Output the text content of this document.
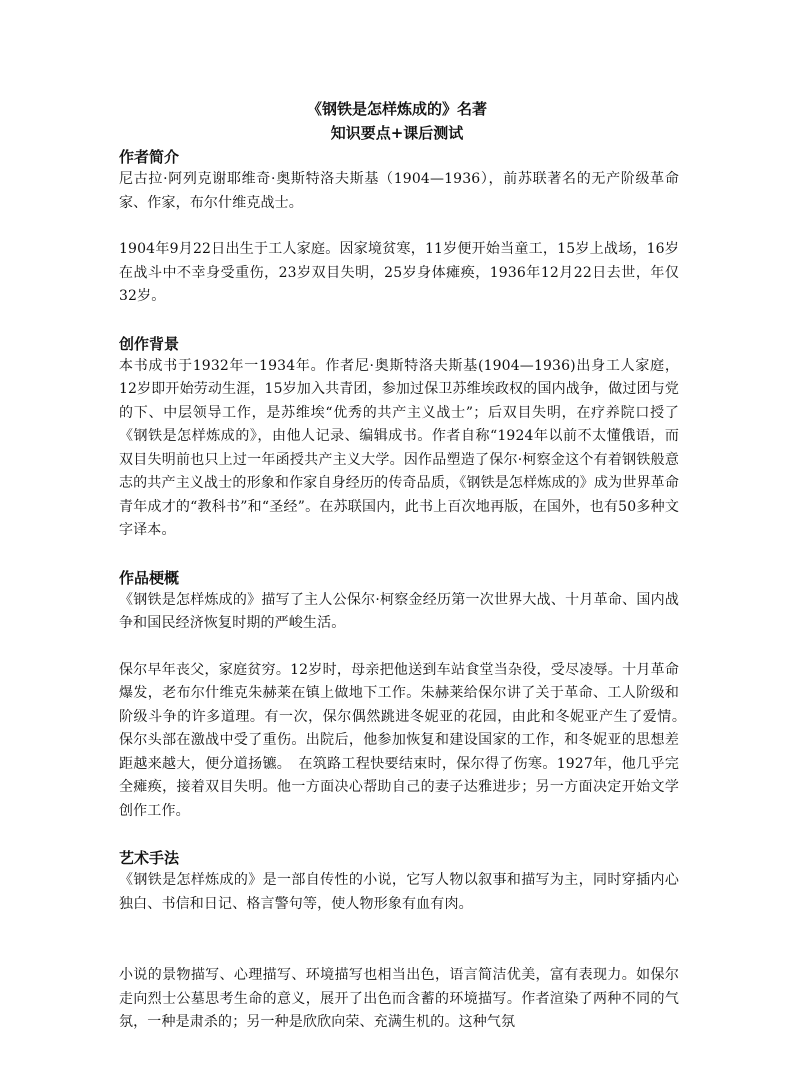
《钢铁是怎样炼成的》名著
知识要点+课后测试
作者简介

尼古拉·阿列克谢耶维奇·奥斯特洛夫斯基（1904—1936），前苏联著名的无产阶级革命家、作家，布尔什维克战士。

1904年9月22日出生于工人家庭。因家境贫寒，11岁便开始当童工，15岁上战场，16岁在战斗中不幸身受重伤，23岁双目失明，25岁身体瘫痪，1936年12月22日去世，年仅32岁。

创作背景

本书成书于1932年一1934年。作者尼·奥斯特洛夫斯基(1904—1936)出身工人家庭，12岁即开始劳动生涯，15岁加入共青团，参加过保卫苏维埃政权的国内战争，做过团与党的下、中层领导工作，是苏维埃“优秀的共产主义战士”；后双目失明，在疗养院口授了《钢铁是怎样炼成的》，由他人记录、编辑成书。作者自称“1924年以前不太懂俄语，而双目失明前也只上过一年函授共产主义大学。因作品塑造了保尔·柯察金这个有着钢铁般意志的共产主义战士的形象和作家自身经历的传奇品质，《钢铁是怎样炼成的》成为世界革命青年成才的“教科书”和“圣经”。在苏联国内，此书上百次地再版，在国外，也有50多种文字译本。

作品梗概

《钢铁是怎样炼成的》描写了主人公保尔·柯察金经历第一次世界大战、十月革命、国内战争和国民经济恢复时期的严峻生活。

保尔早年丧父，家庭贫穷。12岁时，母亲把他送到车站食堂当杂役，受尽凌辱。十月革命爆发，老布尔什维克朱赫莱在镇上做地下工作。朱赫莱给保尔讲了关于革命、工人阶级和阶级斗争的许多道理。有一次，保尔偶然跳进冬妮亚的花园，由此和冬妮亚产生了爱情。　保尔头部在激战中受了重伤。出院后，他参加恢复和建设国家的工作，和冬妮亚的思想差距越来越大，便分道扬镳。　在筑路工程快要结束时，保尔得了伤寒。1927年，他几乎完全瘫痪，接着双目失明。他一方面决心帮助自己的妻子达雅进步；另一方面决定开始文学创作工作。

艺术手法

《钢铁是怎样炼成的》是一部自传性的小说，它写人物以叙事和描写为主，同时穿插内心独白、书信和日记、格言警句等，使人物形象有血有肉。

小说的景物描写、心理描写、环境描写也相当出色，语言简洁优美，富有表现力。如保尔走向烈士公墓思考生命的意义，展开了出色而含蓄的环境描写。作者渲染了两种不同的气氛，一种是肃杀的；另一种是欣欣向荣、充满生机的。这种气氛
